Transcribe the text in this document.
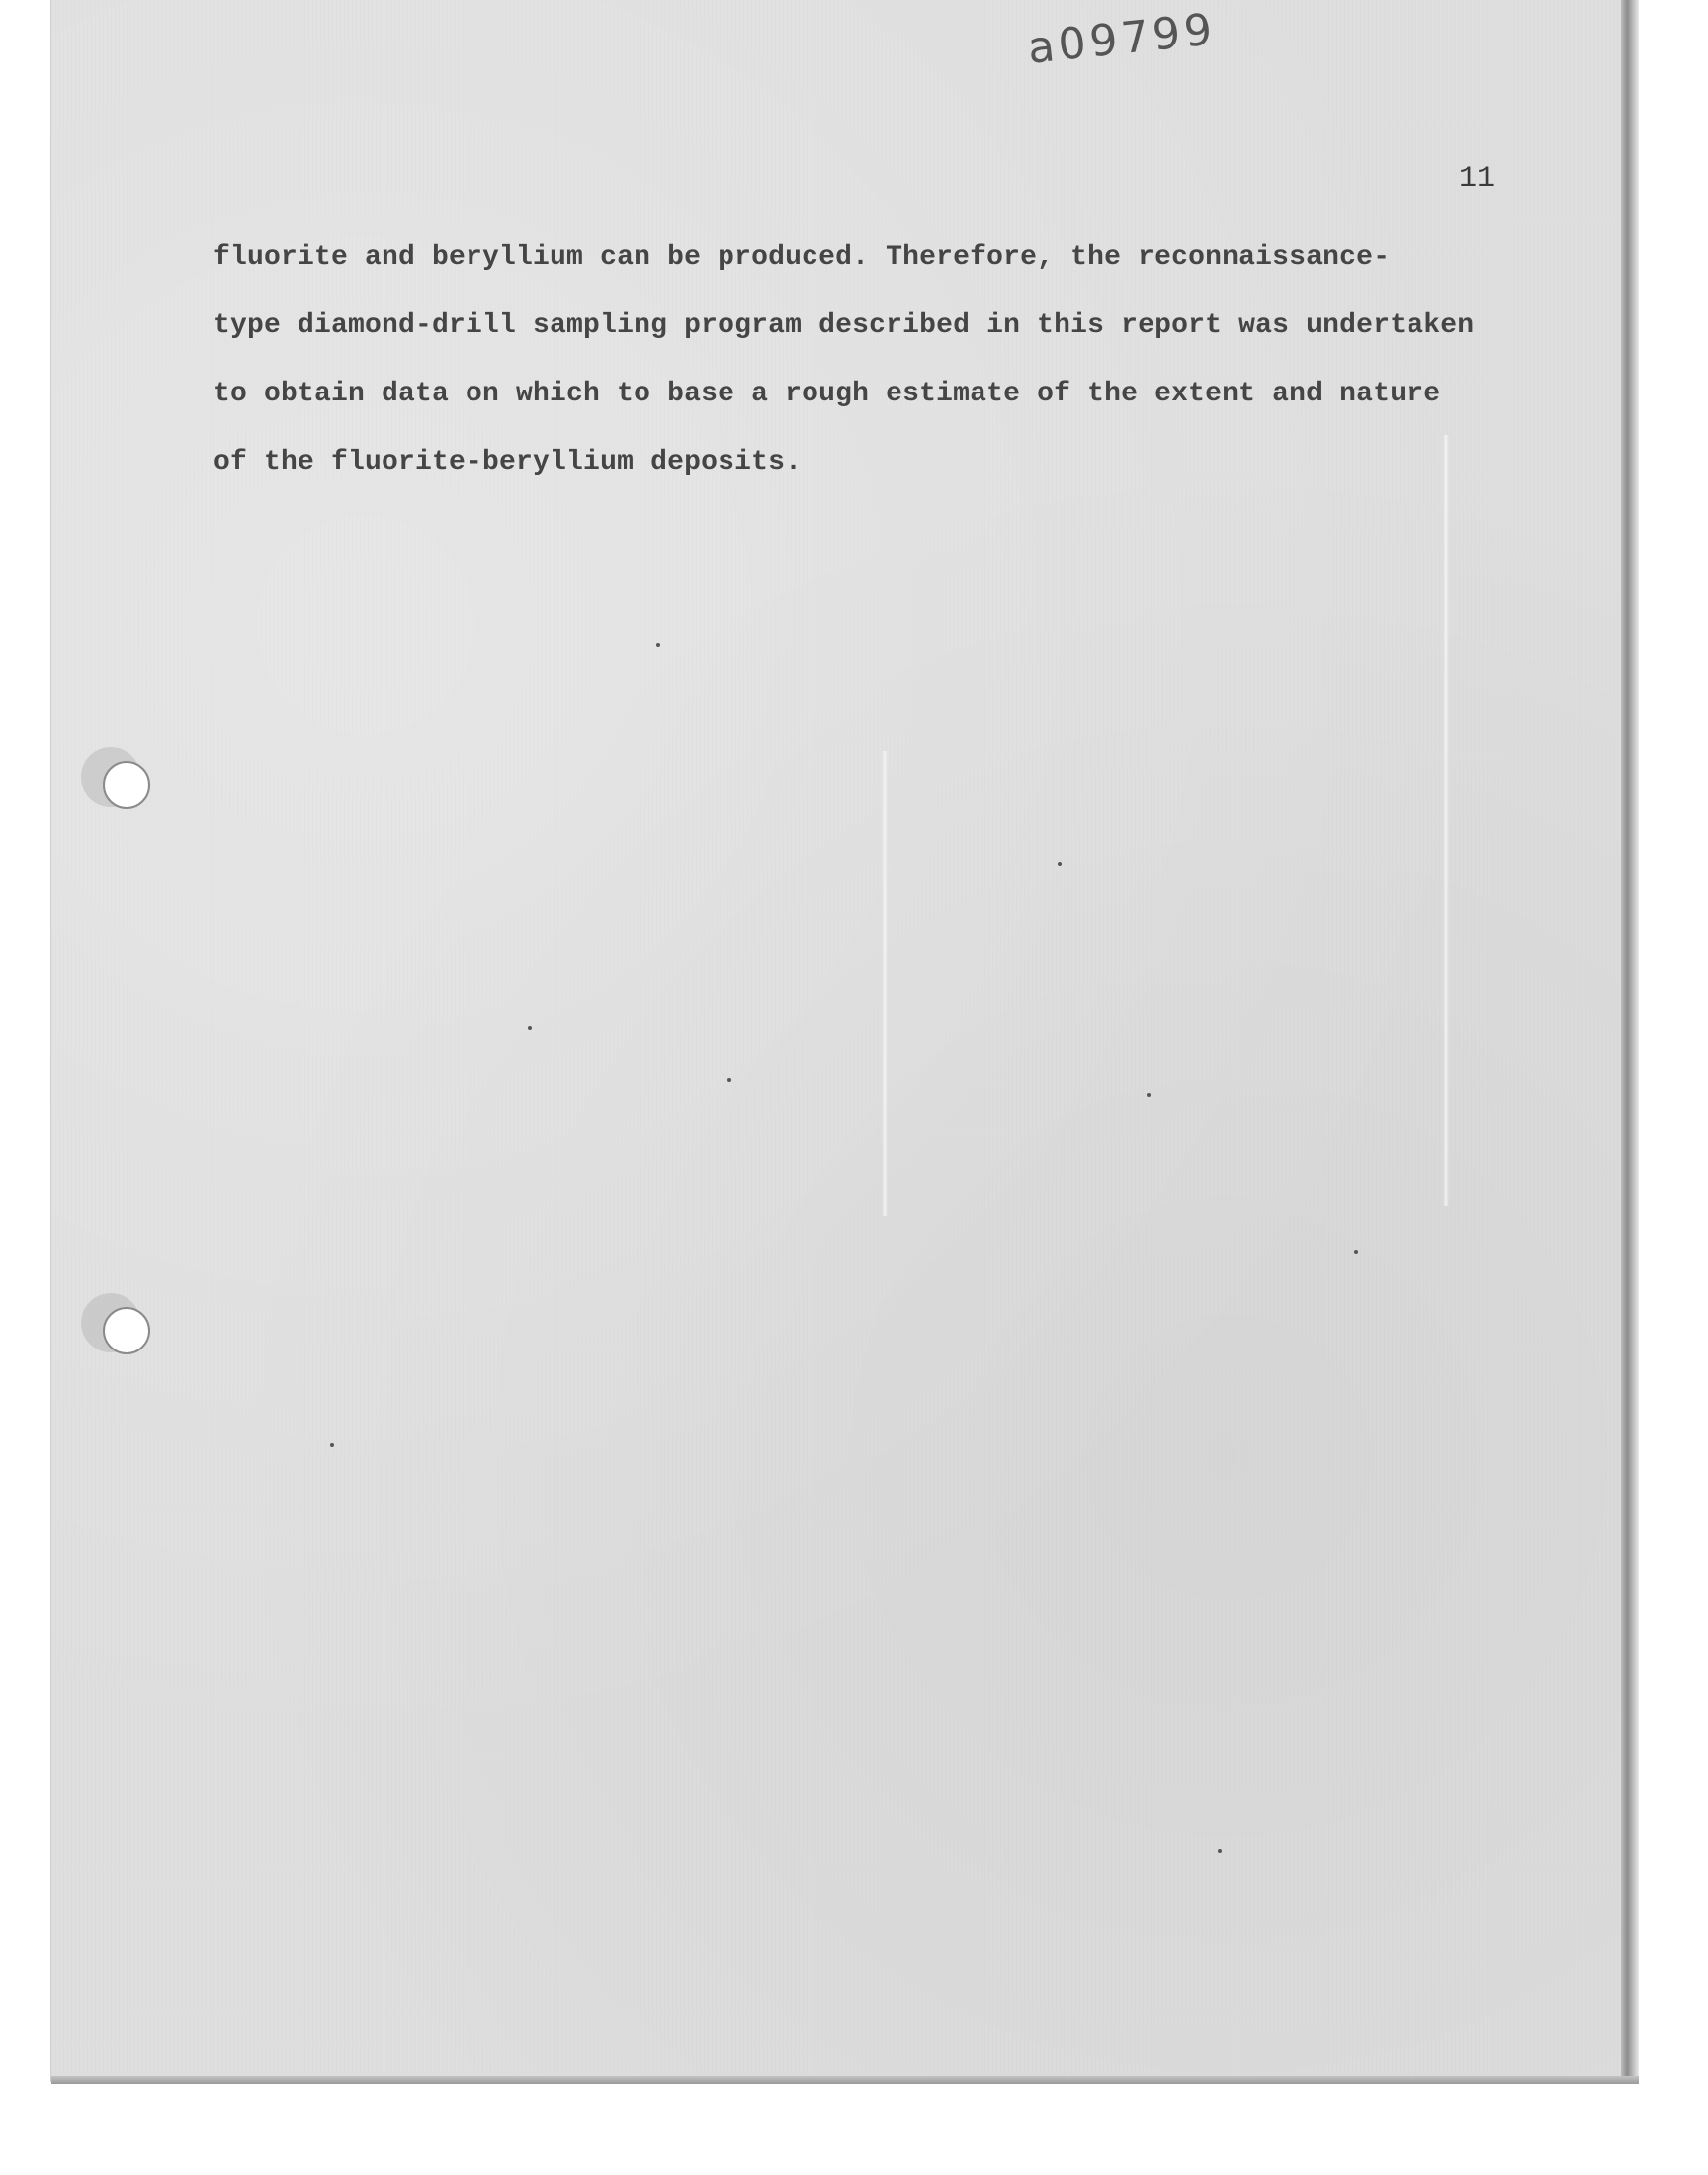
a09799
11
fluorite and beryllium can be produced. Therefore, the reconnaissance-
type diamond-drill sampling program described in this report was undertaken
to obtain data on which to base a rough estimate of the extent and nature
of the fluorite-beryllium deposits.
